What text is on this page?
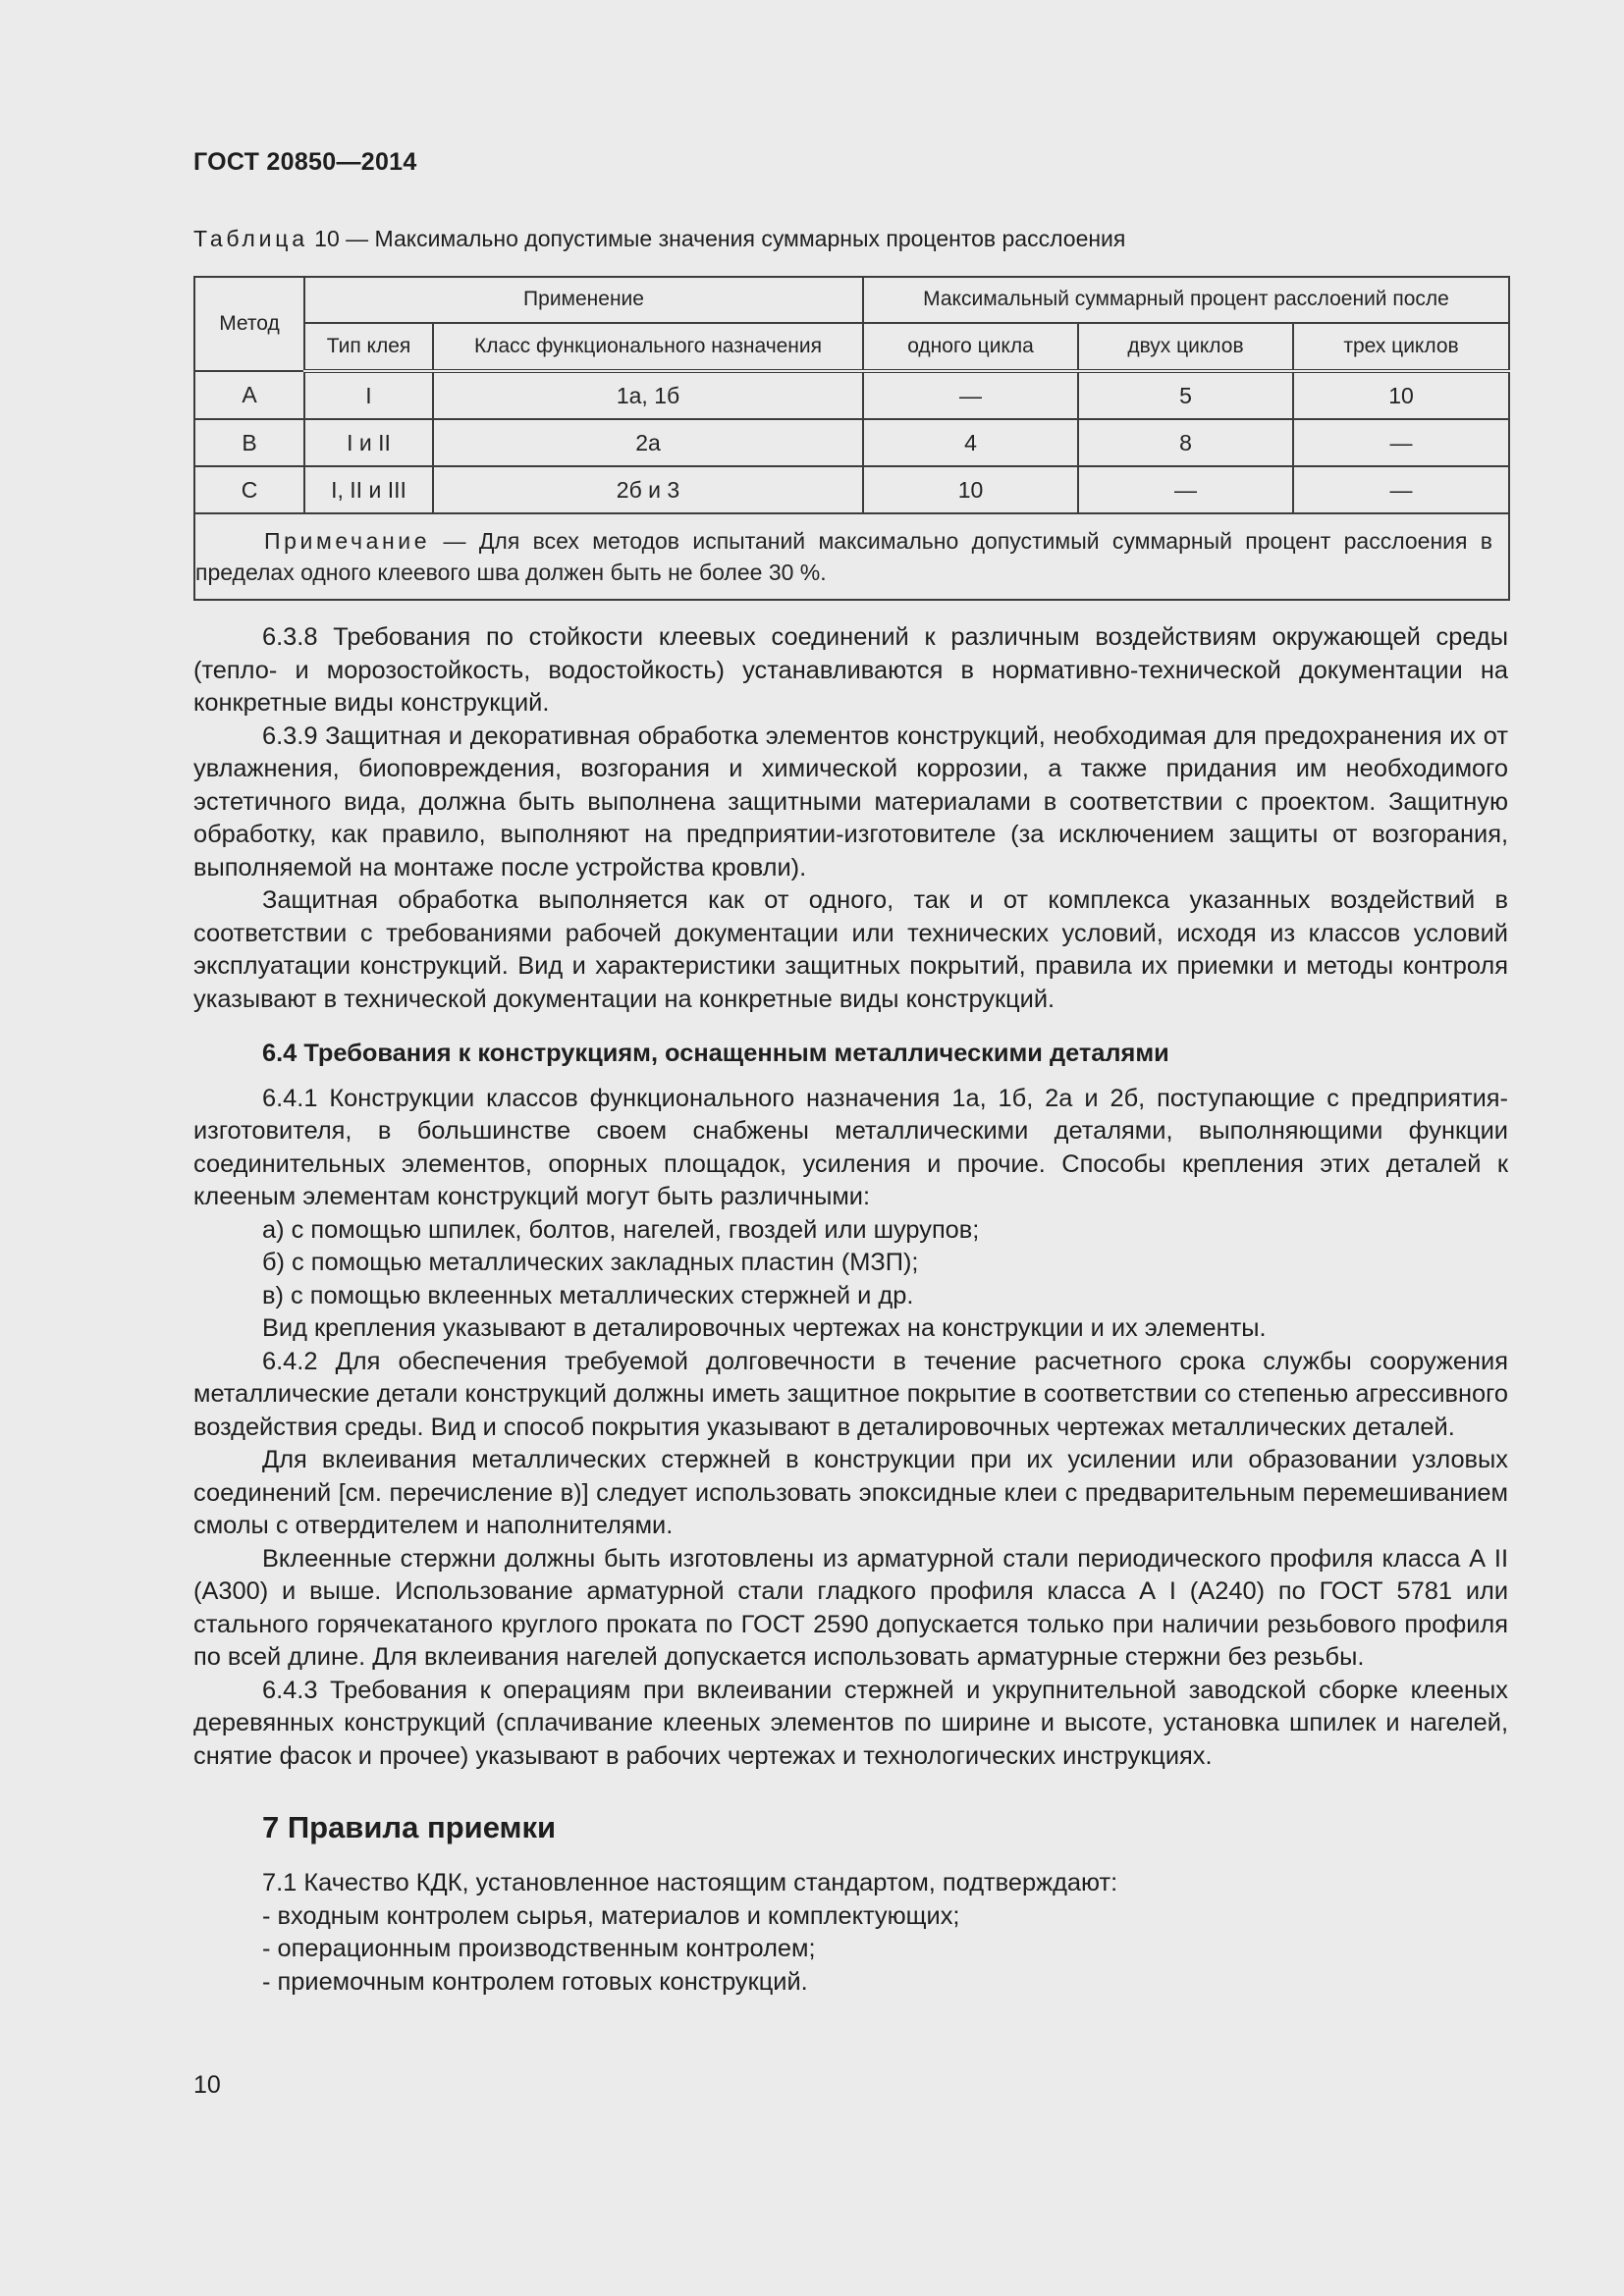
ГОСТ 20850—2014
Таблица 10 — Максимально допустимые значения суммарных процентов расслоения
Метод	Применение		Максимальный суммарный процент расслоений после		
	Тип клея	Класс функционального назначения	одного цикла	двух циклов	трех циклов
А	I	1а, 1б	—	5	10
В	I и II	2а	4	8	—
С	I, II и III	2б и 3	10	—	—
Примечание — Для всех методов испытаний максимально допустимый суммарный процент расслоения в пределах одного клеевого шва должен быть не более 30 %.					

6.3.8 Требования по стойкости клеевых соединений к различным воздействиям окружающей среды (тепло- и морозостойкость, водостойкость) устанавливаются в нормативно-технической документации на конкретные виды конструкций.

6.3.9 Защитная и декоративная обработка элементов конструкций, необходимая для предохранения их от увлажнения, биоповреждения, возгорания и химической коррозии, а также придания им необходимого эстетичного вида, должна быть выполнена защитными материалами в соответствии с проектом. Защитную обработку, как правило, выполняют на предприятии-изготовителе (за исключением защиты от возгорания, выполняемой на монтаже после устройства кровли).

Защитная обработка выполняется как от одного, так и от комплекса указанных воздействий в соответствии с требованиями рабочей документации или технических условий, исходя из классов условий эксплуатации конструкций. Вид и характеристики защитных покрытий, правила их приемки и методы контроля указывают в технической документации на конкретные виды конструкций.

6.4 Требования к конструкциям, оснащенным металлическими деталями

6.4.1 Конструкции классов функционального назначения 1а, 1б, 2а и 2б, поступающие с предприятия-изготовителя, в большинстве своем снабжены металлическими деталями, выполняющими функции соединительных элементов, опорных площадок, усиления и прочие. Способы крепления этих деталей к клееным элементам конструкций могут быть различными:

а) с помощью шпилек, болтов, нагелей, гвоздей или шурупов;

б) с помощью металлических закладных пластин (МЗП);

в) с помощью вклеенных металлических стержней и др.

Вид крепления указывают в деталировочных чертежах на конструкции и их элементы.

6.4.2 Для обеспечения требуемой долговечности в течение расчетного срока службы сооружения металлические детали конструкций должны иметь защитное покрытие в соответствии со степенью агрессивного воздействия среды. Вид и способ покрытия указывают в деталировочных чертежах металлических деталей.

Для вклеивания металлических стержней в конструкции при их усилении или образовании узловых соединений [см. перечисление в)] следует использовать эпоксидные клеи с предварительным перемешиванием смолы с отвердителем и наполнителями.

Вклеенные стержни должны быть изготовлены из арматурной стали периодического профиля класса А II (А300) и выше. Использование арматурной стали гладкого профиля класса А I (А240) по ГОСТ 5781 или стального горячекатаного круглого проката по ГОСТ 2590 допускается только при наличии резьбового профиля по всей длине. Для вклеивания нагелей допускается использовать арматурные стержни без резьбы.

6.4.3 Требования к операциям при вклеивании стержней и укрупнительной заводской сборке клееных деревянных конструкций (сплачивание клееных элементов по ширине и высоте, установка шпилек и нагелей, снятие фасок и прочее) указывают в рабочих чертежах и технологических инструкциях.

7 Правила приемки

7.1 Качество КДК, установленное настоящим стандартом, подтверждают:

- входным контролем сырья, материалов и комплектующих;

- операционным производственным контролем;

- приемочным контролем готовых конструкций.

10
